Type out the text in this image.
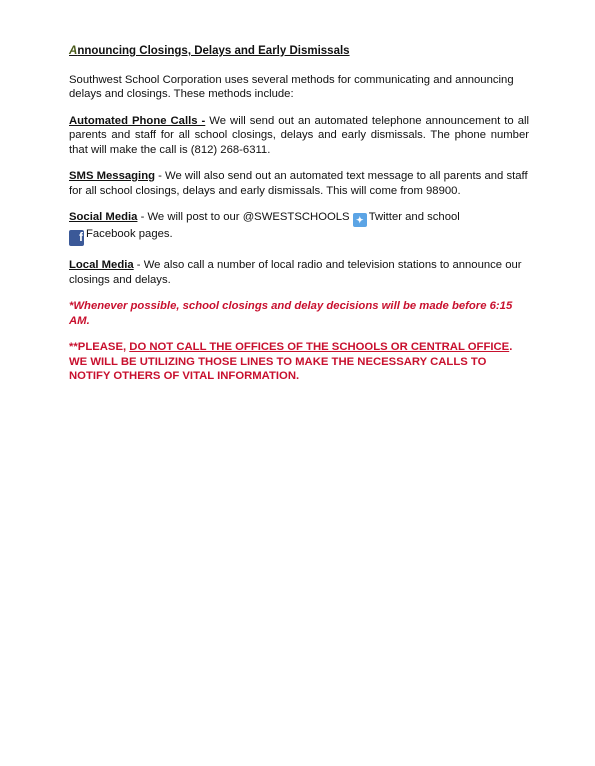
Announcing Closings, Delays and Early Dismissals

Southwest School Corporation uses several methods for communicating and announcing delays and closings. These methods include:

Automated Phone Calls - We will send out an automated telephone announcement to all parents and staff for all school closings, delays and early dismissals. The phone number that will make the call is (812) 268-6311.

SMS Messaging - We will also send out an automated text message to all parents and staff for all school closings, delays and early dismissals. This will come from 98900.

Social Media - We will post to our @SWESTSCHOOLS ✦ Twitter and school
f Facebook pages.

Local Media - We also call a number of local radio and television stations to announce our closings and delays.

*Whenever possible, school closings and delay decisions will be made before 6:15 AM.

**PLEASE, DO NOT CALL THE OFFICES OF THE SCHOOLS OR CENTRAL OFFICE. WE WILL BE UTILIZING THOSE LINES TO MAKE THE NECESSARY CALLS TO NOTIFY OTHERS OF VITAL INFORMATION.
